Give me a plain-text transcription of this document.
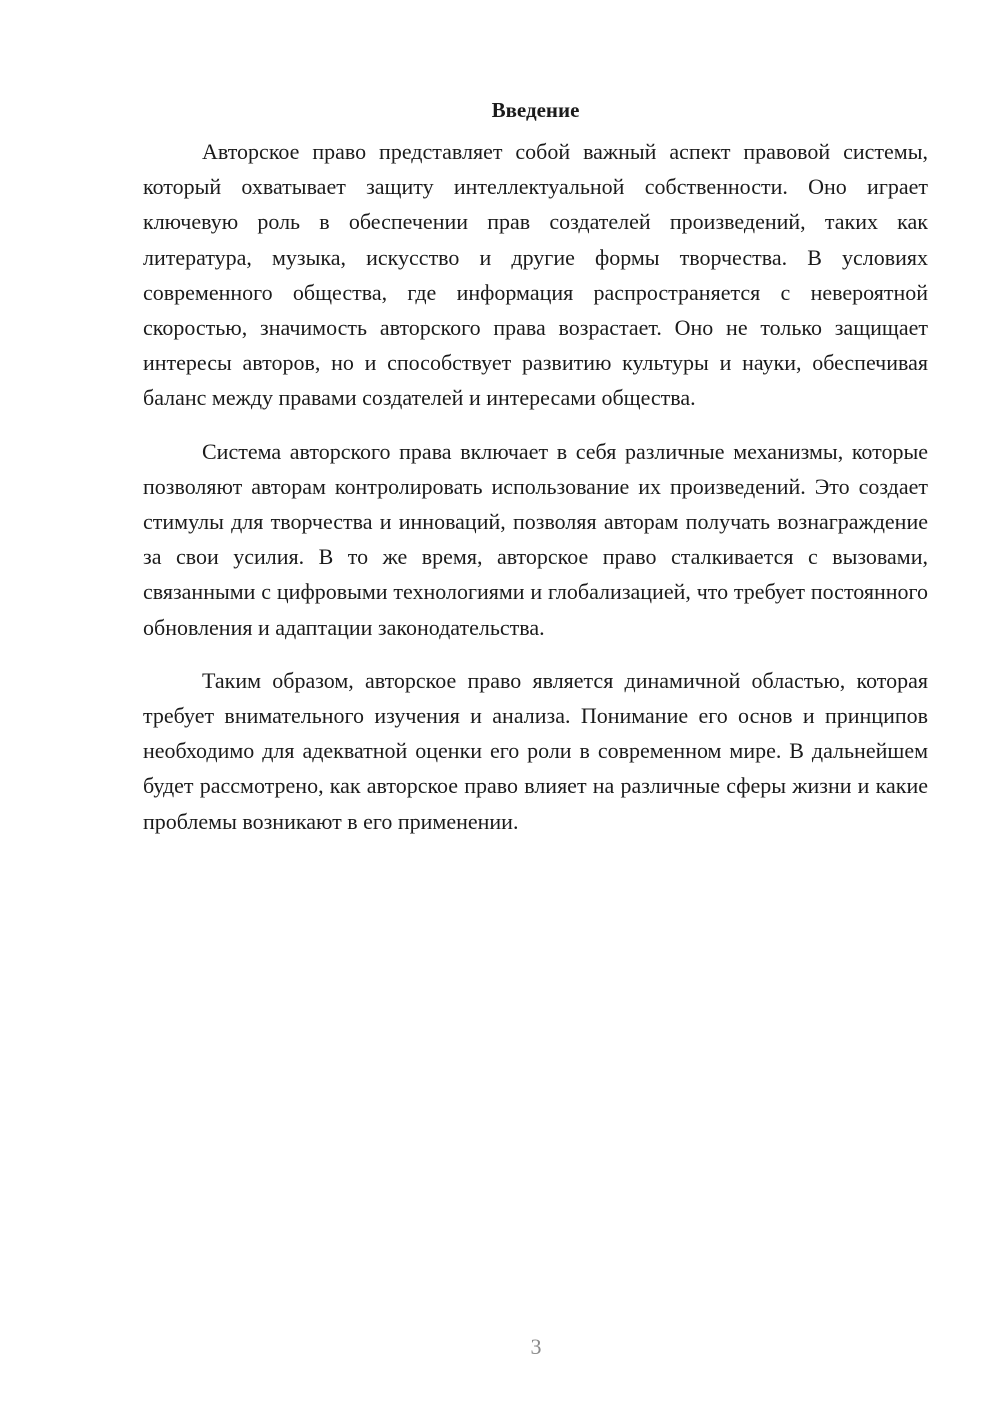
Введение

Авторское право представляет собой важный аспект правовой системы, который охватывает защиту интеллектуальной собственности. Оно играет ключевую роль в обеспечении прав создателей произведений, таких как литература, музыка, искусство и другие формы творчества. В условиях современного общества, где информация распространяется с невероятной скоростью, значимость авторского права возрастает. Оно не только защищает интересы авторов, но и способствует развитию культуры и науки, обеспечивая баланс между правами создателей и интересами общества.

Система авторского права включает в себя различные механизмы, которые позволяют авторам контролировать использование их произведений. Это создает стимулы для творчества и инноваций, позволяя авторам получать вознаграждение за свои усилия. В то же время, авторское право сталкивается с вызовами, связанными с цифровыми технологиями и глобализацией, что требует постоянного обновления и адаптации законодательства.

Таким образом, авторское право является динамичной областью, которая требует внимательного изучения и анализа. Понимание его основ и принципов необходимо для адекватной оценки его роли в современном мире. В дальнейшем будет рассмотрено, как авторское право влияет на различные сферы жизни и какие проблемы возникают в его применении.

3
